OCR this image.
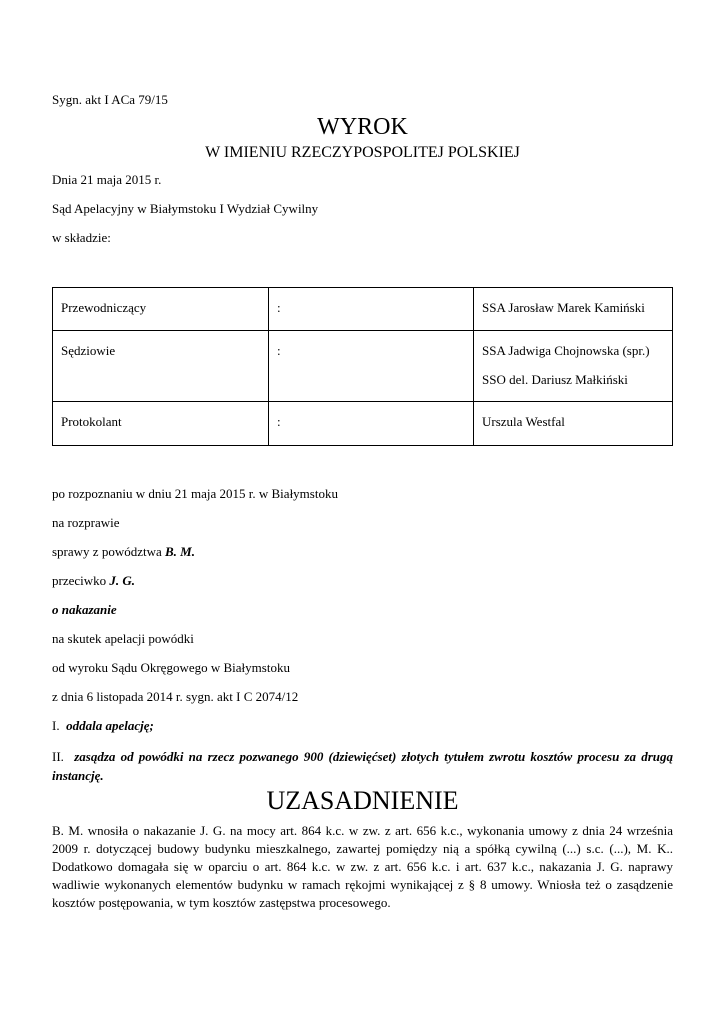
Sygn. akt I ACa 79/15
WYROK
W IMIENIU RZECZYPOSPOLITEJ POLSKIEJ
Dnia 21 maja 2015 r.
Sąd Apelacyjny w Białymstoku I Wydział Cywilny
w składzie:
Przewodniczący	:	SSA Jarosław Marek Kamiński

Sędziowie	:	SSA Jadwiga Chojnowska (spr.)
SSO del. Dariusz Małkiński

Protokolant	:	Urszula Westfal
po rozpoznaniu w dniu 21 maja 2015 r. w Białymstoku
na rozprawie
sprawy z powództwa B. M.
przeciwko J. G.
o nakazanie
na skutek apelacji powódki
od wyroku Sądu Okręgowego w Białymstoku
z dnia 6 listopada 2014 r. sygn. akt I C 2074/12
I. oddala apelację;
II. zasądza od powódki na rzecz pozwanego 900 (dziewięćset) złotych tytułem zwrotu kosztów procesu za drugą instancję.
UZASADNIENIE
B. M. wnosiła o nakazanie J. G. na mocy art. 864 k.c. w zw. z art. 656 k.c., wykonania umowy z dnia 24 września 2009 r. dotyczącej budowy budynku mieszkalnego, zawartej pomiędzy nią a spółką cywilną (...) s.c. (...), M. K.. Dodatkowo domagała się w oparciu o art. 864 k.c. w zw. z art. 656 k.c. i art. 637 k.c., nakazania J. G. naprawy wadliwie wykonanych elementów budynku w ramach rękojmi wynikającej z § 8 umowy. Wniosła też o zasądzenie kosztów postępowania, w tym kosztów zastępstwa procesowego.
